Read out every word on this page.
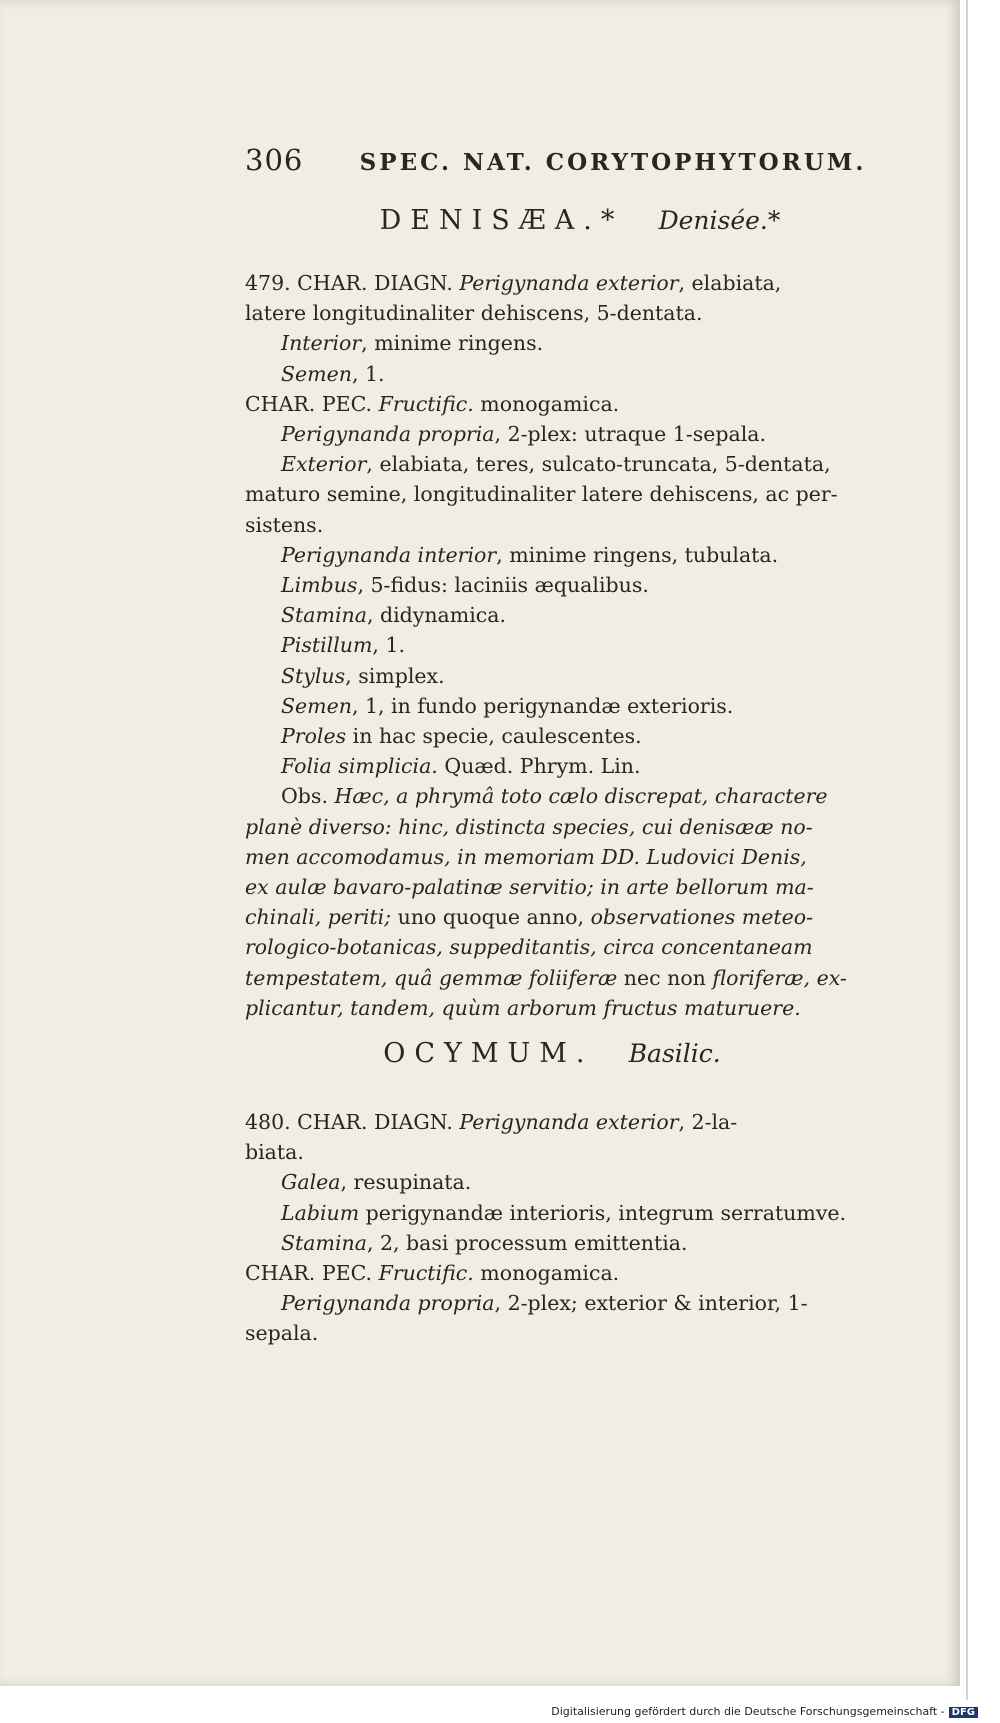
306 SPEC. NAT. CORYTOPHYTORUM.
DENISÆA.* Denisée.*
479. CHAR. DIAGN. Perigynanda exterior, elabiata,
latere longitudinaliter dehiscens, 5-dentata.
Interior, minime ringens.
Semen, 1.
CHAR. PEC. Fructific. monogamica.
Perigynanda propria, 2-plex: utraque 1-sepala.
Exterior, elabiata, teres, sulcato-truncata, 5-dentata,
maturo semine, longitudinaliter latere dehiscens, ac per-
sistens.
Perigynanda interior, minime ringens, tubulata.
Limbus, 5-fidus: laciniis æqualibus.
Stamina, didynamica.
Pistillum, 1.
Stylus, simplex.
Semen, 1, in fundo perigynandæ exterioris.
Proles in hac specie, caulescentes.
Folia simplicia. Quæd. Phrym. Lin.
Obs. Hæc, a phrymâ toto cælo discrepat, charactere
planè diverso: hinc, distincta species, cui denisææ no-
men accomodamus, in memoriam DD. Ludovici Denis,
ex aulæ bavaro-palatinæ servitio; in arte bellorum ma-
chinali, periti; uno quoque anno, observationes meteo-
rologico-botanicas, suppeditantis, circa concentaneam
tempestatem, quâ gemmæ foliiferæ nec non floriferæ, ex-
plicantur, tandem, quùm arborum fructus maturuere.
OCYMUM. Basilic.
480. CHAR. DIAGN. Perigynanda exterior, 2-la-
biata.
Galea, resupinata.
Labium perigynandæ interioris, integrum serratumve.
Stamina, 2, basi processum emittentia.
CHAR. PEC. Fructific. monogamica.
Perigynanda propria, 2-plex; exterior & interior, 1-
sepala.
Digitalisierung gefördert durch die Deutsche Forschungsgemeinschaft - DFG
